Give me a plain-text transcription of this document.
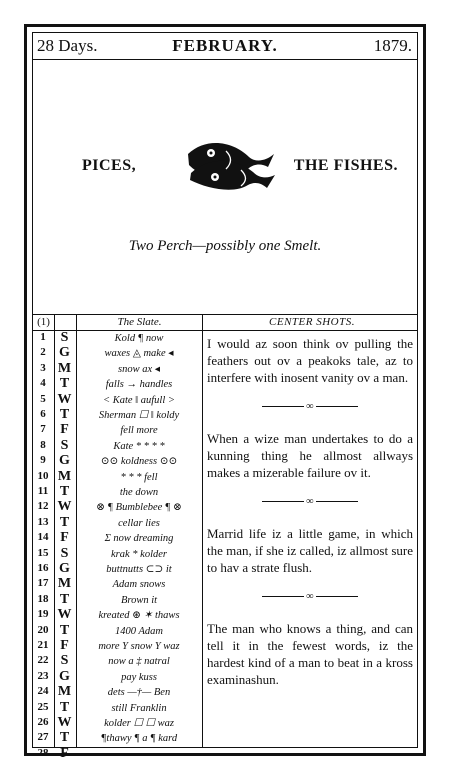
28 Days.	FEBRUARY.	1879.
PICES,	THE FISHES.
Two Perch—possibly one Smelt.
(1)	The Slate.	CENTER SHOTS.
1	S	Kold ¶ now
2 G	waxes ◬ make ◂
3 M	snow ax ◂
4	T	falls → handles
5 W	< Kate ‖ aufull >
6	T	Sherman ☐ ‖ koldy
7	F	fell more
8	S	Kate * * * *
9 G	⊙⊙ koldness ⊙⊙
10 M	* * * fell
11 T	the down
12 W	⊗ ¶ Bumblebee ¶ ⊗
13 T	cellar lies
14 F	Σ now dreaming
15 S	krak * kolder
16 G	buttnutts ⊂⊃ it
17 M	Adam snows
18 T	Brown it
19 W	kreated ⊛ ✶ thaws
20 T	1400 Adam
21 F	more Υ snow Υ waz
22 S	now a ‡ natral
23 G	pay kuss
24 M	dets —†— Ben
25 T	still Franklin
26 W	kolder ☐ ☐ waz
27 T	¶thawy ¶ a ¶ kard
28 F
I would az soon think ov pulling the feathers out ov a peakoks tale, az to interfere with inosent vanity ov a man.
∞
When a wize man undertakes to do a kunning thing he allmost allways makes a mizerable failure ov it.
∞
Marrid life iz a little game, in which the man, if she iz called, iz allmost sure to hav a strate flush.
∞
The man who knows a thing, and can tell it in the fewest words, iz the hardest kind of a man to beat in a kross examinashun.
